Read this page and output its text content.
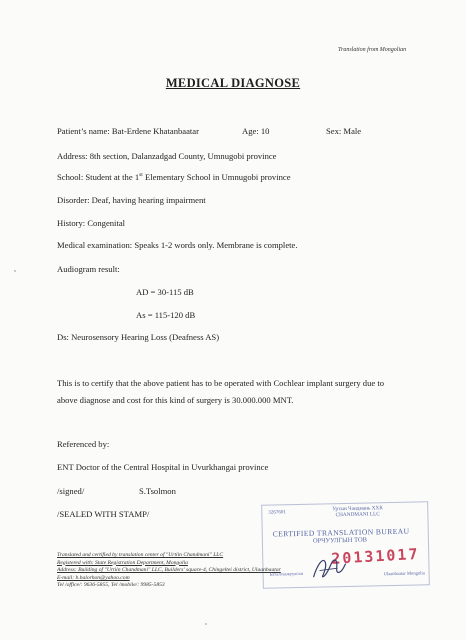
Translation from Mongolian
MEDICAL DIAGNOSE
Patient’s name: Bat-Erdene Khatanbaatar	Age: 10	Sex: Male
Address: 8th section, Dalanzadgad County, Umnugobi province
School: Student at the 1st Elementary School in Umnugobi province
Disorder: Deaf, having hearing impairment
History: Congenital
Medical examination: Speaks 1-2 words only. Membrane is complete.
Audiogram result:
AD = 30-115 dB
As = 115-120 dB
Ds: Neurosensory Hearing Loss (Deafness AS)
This is to certify that the above patient has to be operated with Cochlear implant surgery due to
above diagnose and cost for this kind of surgery is 30.000.000 MNT.
Referenced by:
ENT Doctor of the Central Hospital in Uvurkhangai province
/signed/	S.Tsolmon
/SEALED WITH STAMP/
Translated and certified by translation center of "Urtiin Chandmani" LLC
Registered with: State Registration Department, Mongolia
Address: Building of "Urtiin Chandmani" LLC, Builders' square-4, Chingeltei district, Ulaanbaatar
E-mail: b.balorhon@yahoo.com
Tel /office/: 9636-5855, Tel /mobile/: 9985-5853
3267601
Уртын Чандмань ХХК
CHANDMANI LLC
CERTIFIED TRANSLATION BUREAU
ОРЧУУЛГЫН ТОВ
20131017
Баталгаажуулсан	Ulaanbaatar Mongolia
